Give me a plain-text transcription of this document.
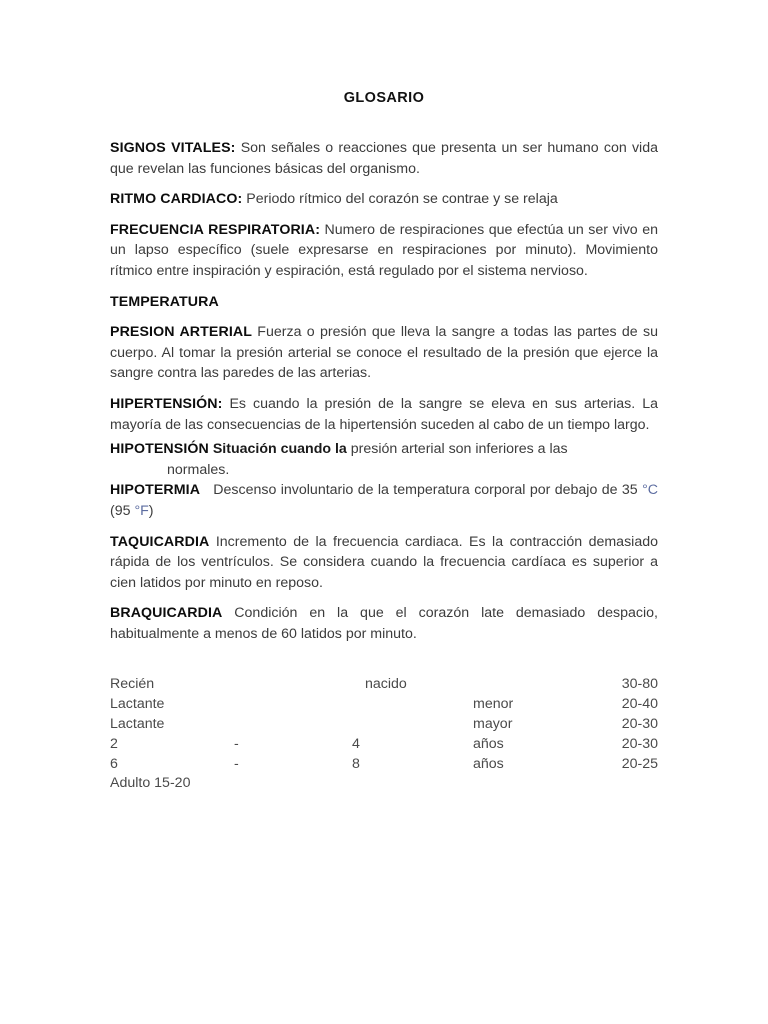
GLOSARIO

SIGNOS VITALES: Son señales o reacciones que presenta un ser humano con vida que revelan las funciones básicas del organismo.

RITMO CARDIACO: Periodo rítmico del corazón se contrae y se relaja

FRECUENCIA RESPIRATORIA: Numero de respiraciones que efectúa un ser vivo en un lapso específico (suele expresarse en respiraciones por minuto). Movimiento rítmico entre inspiración y espiración, está regulado por el sistema nervioso.

TEMPERATURA

PRESION ARTERIAL Fuerza o presión que lleva la sangre a todas las partes de su cuerpo. Al tomar la presión arterial se conoce el resultado de la presión que ejerce la sangre contra las paredes de las arterias.

HIPERTENSIÓN: Es cuando la presión de la sangre se eleva en sus arterias. La mayoría de las consecuencias de la hipertensión suceden al cabo de un tiempo largo.

HIPOTENSIÓN Situación cuando la presión arterial son inferiores a las
normales.

HIPOTERMIA Descenso involuntario de la temperatura corporal por debajo de 35 °C (95 °F)

TAQUICARDIA Incremento de la frecuencia cardiaca. Es la contracción demasiado rápida de los ventrículos. Se considera cuando la frecuencia cardíaca es superior a cien latidos por minuto en reposo.

BRAQUICARDIA Condición en la que el corazón late demasiado despacio, habitualmente a menos de 60 latidos por minuto.

Recién	nacido	30-80
Lactante	menor	20-40
Lactante	mayor	20-30
2	-	4	años	20-30
6	-	8	años	20-25
Adulto 15-20
